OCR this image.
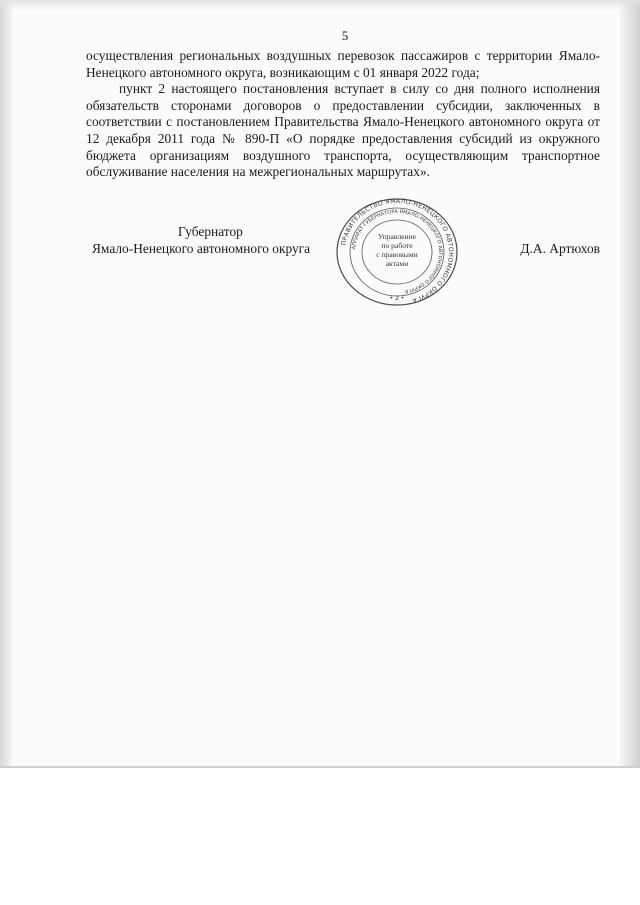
5

осуществления региональных воздушных перевозок пассажиров с территории Ямало-Ненецкого автономного округа, возникающим с 01 января 2022 года;

пункт 2 настоящего постановления вступает в силу со дня полного исполнения обязательств сторонами договоров о предоставлении субсидии, заключенных в соответствии с постановлением Правительства Ямало-Ненецкого автономного округа от 12 декабря 2011 года № 890-П «О порядке предоставления субсидий из окружного бюджета организациям воздушного транспорта, осуществляющим транспортное обслуживание населения на межрегиональных маршрутах».

Губернатор
Ямало-Ненецкого автономного округа	Д.А. Артюхов
ПРАВИТЕЛЬСТВО ЯМАЛО-НЕНЕЦКОГО АВТОНОМНОГО ОКРУГА
АППАРАТ ГУБЕРНАТОРА ЯМАЛО-НЕНЕЦКОГО АВТОНОМНОГО ОКРУГА
Управление
по работе
с правовыми
актами
• 2 •
